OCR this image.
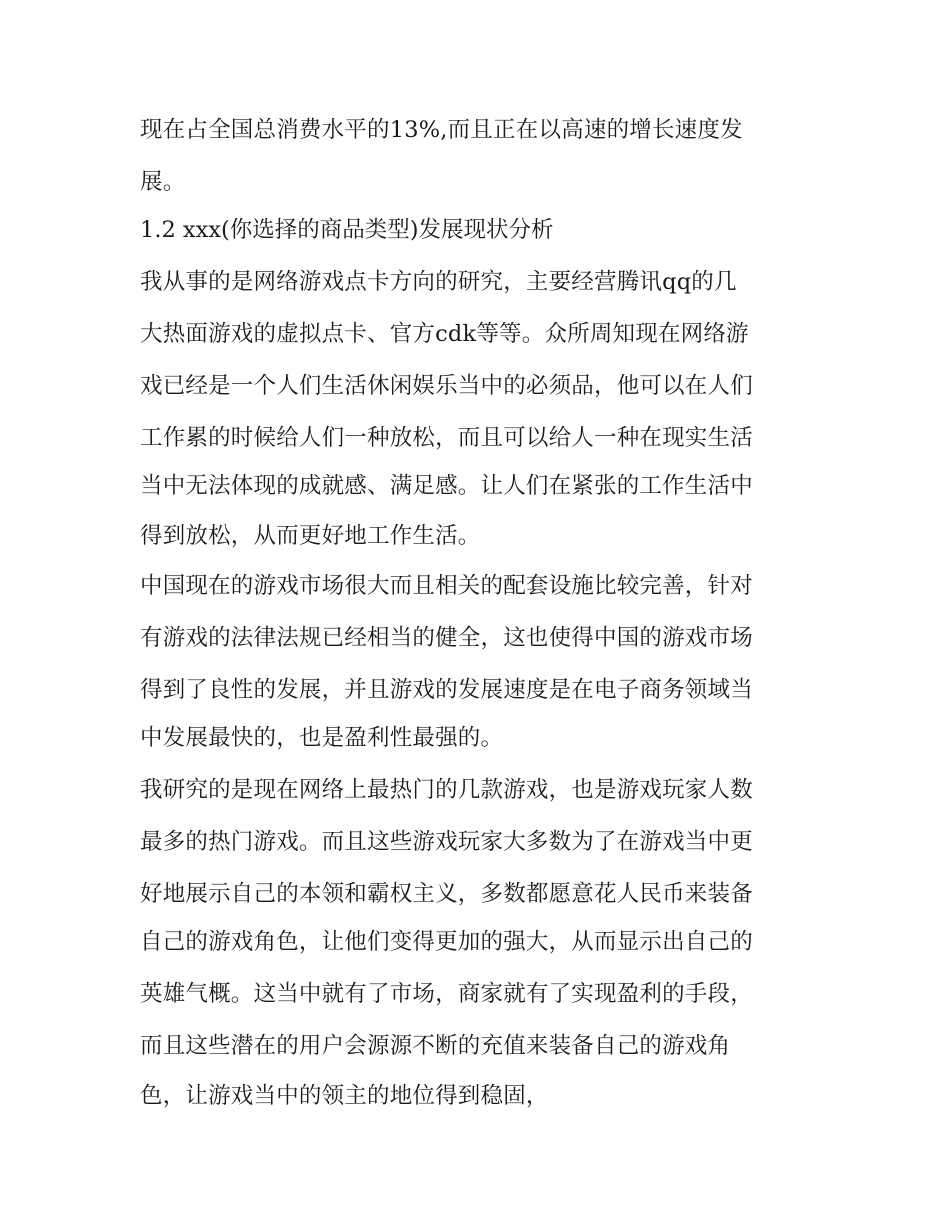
现在占全国总消费水平的13%,而且正在以高速的增长速度发
展。
1.2 xxx(你选择的商品类型)发展现状分析
我从事的是网络游戏点卡方向的研究，主要经营腾讯qq的几
大热面游戏的虚拟点卡、官方cdk等等。众所周知现在网络游
戏已经是一个人们生活休闲娱乐当中的必须品，他可以在人们
工作累的时候给人们一种放松，而且可以给人一种在现实生活
当中无法体现的成就感、满足感。让人们在紧张的工作生活中
得到放松，从而更好地工作生活。
中国现在的游戏市场很大而且相关的配套设施比较完善，针对
有游戏的法律法规已经相当的健全，这也使得中国的游戏市场
得到了良性的发展，并且游戏的发展速度是在电子商务领域当
中发展最快的，也是盈利性最强的。
我研究的是现在网络上最热门的几款游戏，也是游戏玩家人数
最多的热门游戏。而且这些游戏玩家大多数为了在游戏当中更
好地展示自己的本领和霸权主义，多数都愿意花人民币来装备
自己的游戏角色，让他们变得更加的强大，从而显示出自己的
英雄气概。这当中就有了市场，商家就有了实现盈利的手段，
而且这些潜在的用户会源源不断的充值来装备自己的游戏角
色，让游戏当中的领主的地位得到稳固，
